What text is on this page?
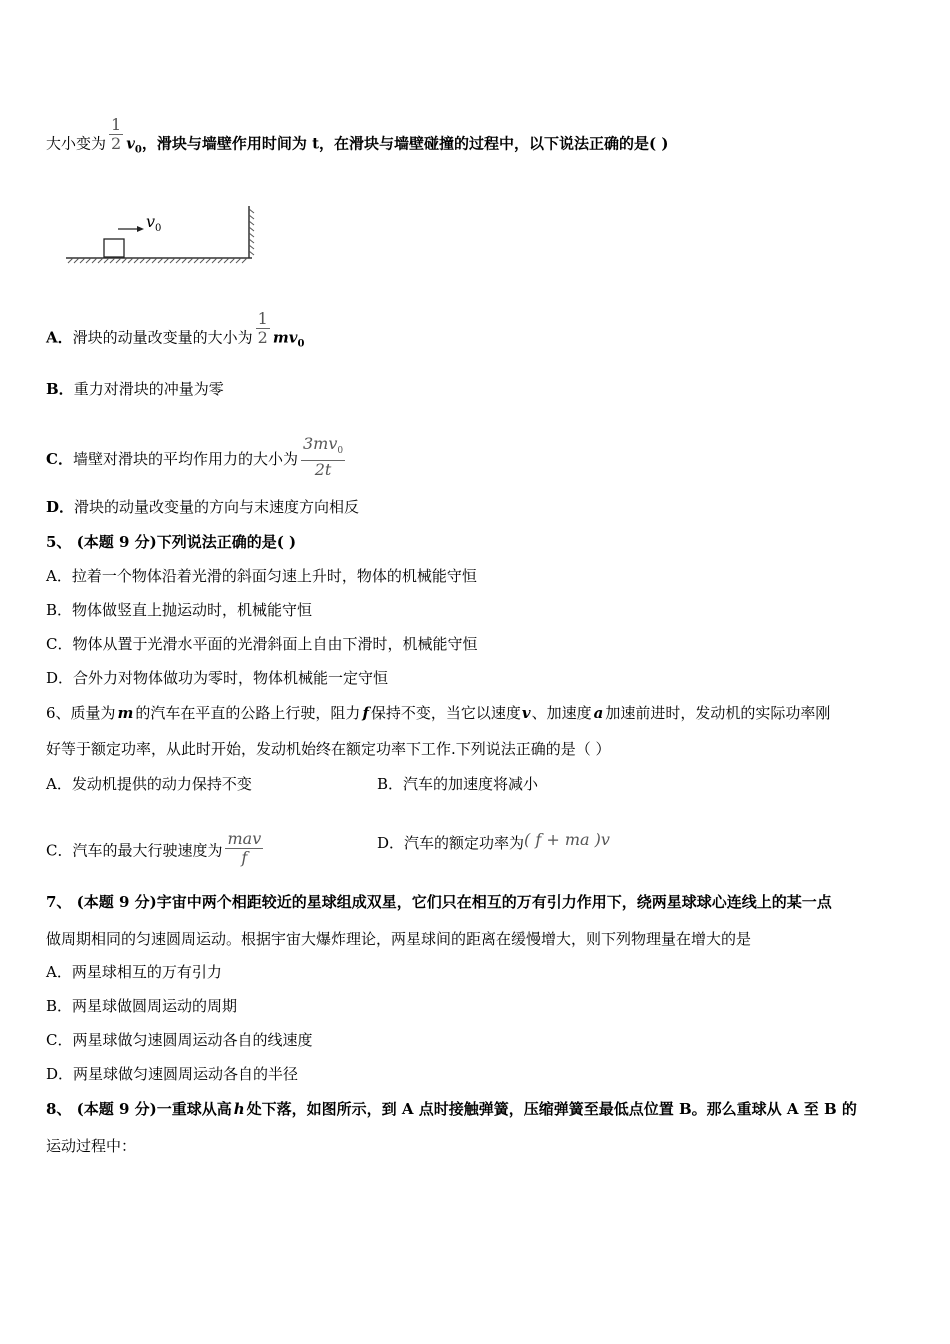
大小变为 $\frac{1}{2} v_0$，滑块与墙壁作用时间为 t，在滑块与墙壁碰撞的过程中，以下说法正确的是( )
v 0
A．滑块的动量改变量的大小为 $\frac{1}{2} mv_0$
B．重力对滑块的冲量为零
C．墙壁对滑块的平均作用力的大小为 $\frac{3mv_0}{2t}$
D．滑块的动量改变量的方向与末速度方向相反
5、 (本题 9 分)下列说法正确的是( )
A．拉着一个物体沿着光滑的斜面匀速上升时，物体的机械能守恒
B．物体做竖直上抛运动时，机械能守恒
C．物体从置于光滑水平面的光滑斜面上自由下滑时，机械能守恒
D．合外力对物体做功为零时，物体机械能一定守恒
6、质量为 m 的汽车在平直的公路上行驶，阻力 f 保持不变，当它以速度v、加速度 a 加速前进时，发动机的实际功率刚
好等于额定功率，从此时开始，发动机始终在额定功率下工作.下列说法正确的是（ ）
A．发动机提供的动力保持不变	B．汽车的加速度将减小
C．汽车的最大行驶速度为 $\frac{\text{mav}}{f}$	D．汽车的额定功率为( f + ma )v
7、 (本题 9 分)宇宙中两个相距较近的星球组成双星，它们只在相互的万有引力作用下，绕两星球球心连线上的某一点
做周期相同的匀速圆周运动。根据宇宙大爆炸理论，两星球间的距离在缓慢增大，则下列物理量在增大的是
A．两星球相互的万有引力
B．两星球做圆周运动的周期
C．两星球做匀速圆周运动各自的线速度
D．两星球做匀速圆周运动各自的半径
8、 (本题 9 分)一重球从高 h 处下落，如图所示，到 A 点时接触弹簧，压缩弹簧至最低点位置 B。那么重球从 A 至 B 的
运动过程中：
